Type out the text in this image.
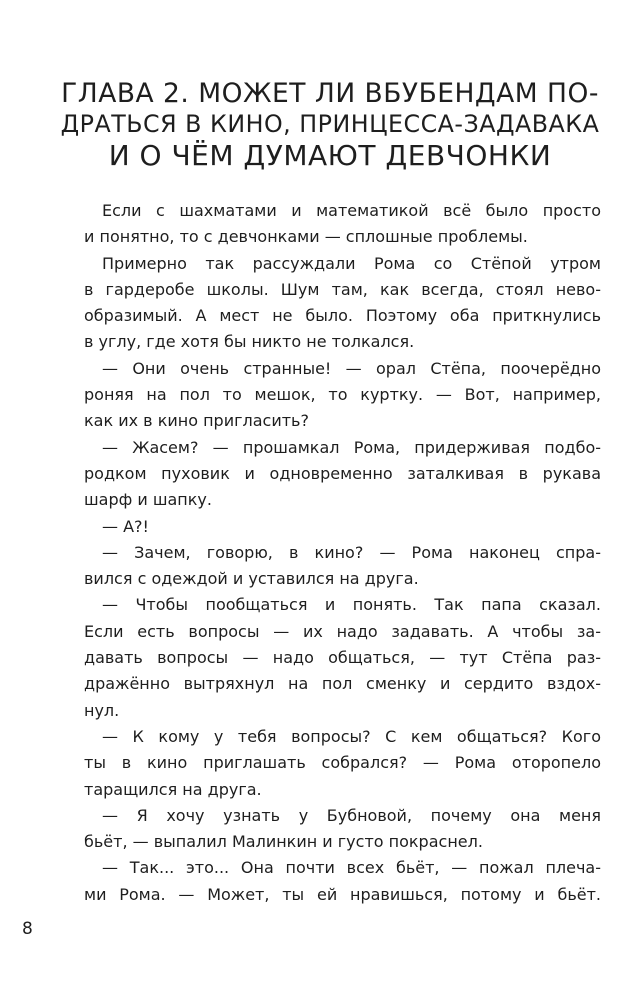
ГЛАВА 2. МОЖЕТ ЛИ ВБУБЕНДАМ ПО-
ДРАТЬСЯ В КИНО, ПРИНЦЕССА-ЗАДАВАКА
И О ЧЁМ ДУМАЮТ ДЕВЧОНКИ
Если с шахматами и математикой всё было просто
и понятно, то с девчонками — сплошные проблемы.
Примерно так рассуждали Рома со Стёпой утром
в гардеробе школы. Шум там, как всегда, стоял нево-
образимый. А мест не было. Поэтому оба приткнулись
в углу, где хотя бы никто не толкался.
— Они очень странные! — орал Стёпа, поочерёдно
роняя на пол то мешок, то куртку. — Вот, например,
как их в кино пригласить?
— Жасем? — прошамкал Рома, придерживая подбо-
родком пуховик и одновременно заталкивая в рукава
шарф и шапку.
— А?!
— Зачем, говорю, в кино? — Рома наконец спра-
вился с одеждой и уставился на друга.
— Чтобы пообщаться и понять. Так папа сказал.
Если есть вопросы — их надо задавать. А чтобы за-
давать вопросы — надо общаться, — тут Стёпа раз-
дражённо вытряхнул на пол сменку и сердито вздох-
нул.
— К кому у тебя вопросы? С кем общаться? Кого
ты в кино приглашать собрался? — Рома оторопело
таращился на друга.
— Я хочу узнать у Бубновой, почему она меня
бьёт, — выпалил Малинкин и густо покраснел.
— Так... это... Она почти всех бьёт, — пожал плеча-
ми Рома. — Может, ты ей нравишься, потому и бьёт.
8
